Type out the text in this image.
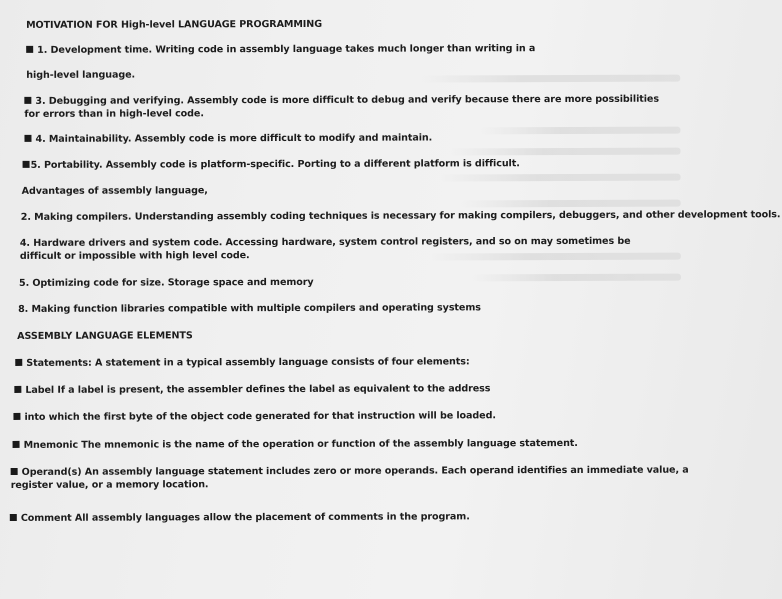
MOTIVATION FOR High-level LANGUAGE PROGRAMMING
1. Development time. Writing code in assembly language takes much longer than writing in a
high-level language.
3. Debugging and verifying. Assembly code is more difficult to debug and verify because there are more possibilities for errors than in high-level code.
4. Maintainability. Assembly code is more difficult to modify and maintain.
5. Portability. Assembly code is platform-specific. Porting to a different platform is difficult.
Advantages of assembly language,
2. Making compilers. Understanding assembly coding techniques is necessary for making compilers, debuggers, and other development tools.
4. Hardware drivers and system code. Accessing hardware, system control registers, and so on may sometimes be difficult or impossible with high level code.
5. Optimizing code for size. Storage space and memory
8. Making function libraries compatible with multiple compilers and operating systems
ASSEMBLY LANGUAGE ELEMENTS
Statements: A statement in a typical assembly language consists of four elements:
Label If a label is present, the assembler defines the label as equivalent to the address
into which the first byte of the object code generated for that instruction will be loaded.
Mnemonic The mnemonic is the name of the operation or function of the assembly language statement.
Operand(s) An assembly language statement includes zero or more operands. Each operand identifies an immediate value, a register value, or a memory location.
Comment All assembly languages allow the placement of comments in the program.
